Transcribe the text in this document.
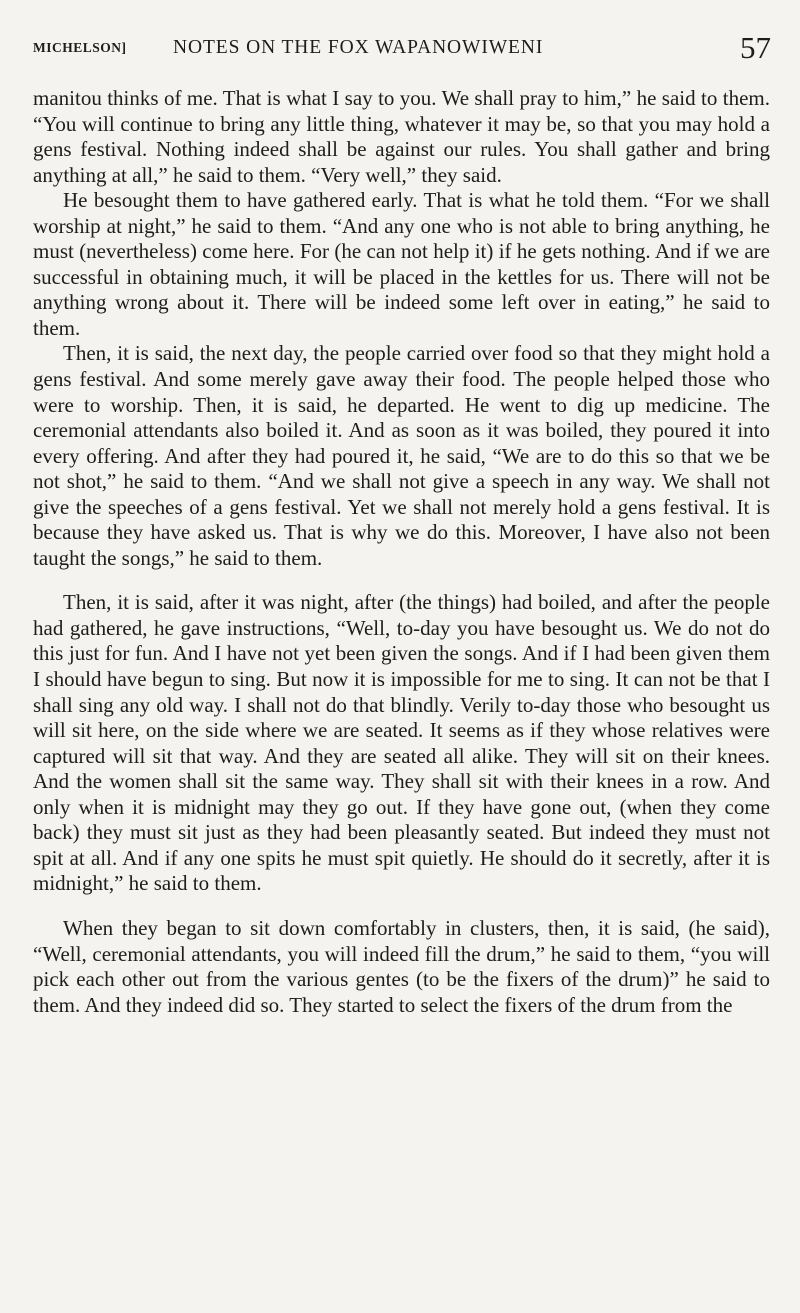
MICHELSON] NOTES ON THE FOX WAPANOWIWENI	57

manitou thinks of me. That is what I say to you. We shall pray to him,” he said to them. “You will continue to bring any little thing, whatever it may be, so that you may hold a gens festival. Nothing indeed shall be against our rules. You shall gather and bring anything at all,” he said to them. “Very well,” they said.

He besought them to have gathered early. That is what he told them. “For we shall worship at night,” he said to them. “And any one who is not able to bring anything, he must (nevertheless) come here. For (he can not help it) if he gets nothing. And if we are successful in obtaining much, it will be placed in the kettles for us. There will not be anything wrong about it. There will be indeed some left over in eating,” he said to them.

Then, it is said, the next day, the people carried over food so that they might hold a gens festival. And some merely gave away their food. The people helped those who were to worship. Then, it is said, he departed. He went to dig up medicine. The ceremonial attendants also boiled it. And as soon as it was boiled, they poured it into every offering. And after they had poured it, he said, “We are to do this so that we be not shot,” he said to them. “And we shall not give a speech in any way. We shall not give the speeches of a gens festival. Yet we shall not merely hold a gens festival. It is because they have asked us. That is why we do this. Moreover, I have also not been taught the songs,” he said to them.

Then, it is said, after it was night, after (the things) had boiled, and after the people had gathered, he gave instructions, “Well, to-day you have besought us. We do not do this just for fun. And I have not yet been given the songs. And if I had been given them I should have begun to sing. But now it is impossible for me to sing. It can not be that I shall sing any old way. I shall not do that blindly. Verily to-day those who besought us will sit here, on the side where we are seated. It seems as if they whose relatives were captured will sit that way. And they are seated all alike. They will sit on their knees. And the women shall sit the same way. They shall sit with their knees in a row. And only when it is midnight may they go out. If they have gone out, (when they come back) they must sit just as they had been pleasantly seated. But indeed they must not spit at all. And if any one spits he must spit quietly. He should do it secretly, after it is midnight,” he said to them.

When they began to sit down comfortably in clusters, then, it is said, (he said), “Well, ceremonial attendants, you will indeed fill the drum,” he said to them, “you will pick each other out from the various gentes (to be the fixers of the drum)” he said to them. And they indeed did so. They started to select the fixers of the drum from the
